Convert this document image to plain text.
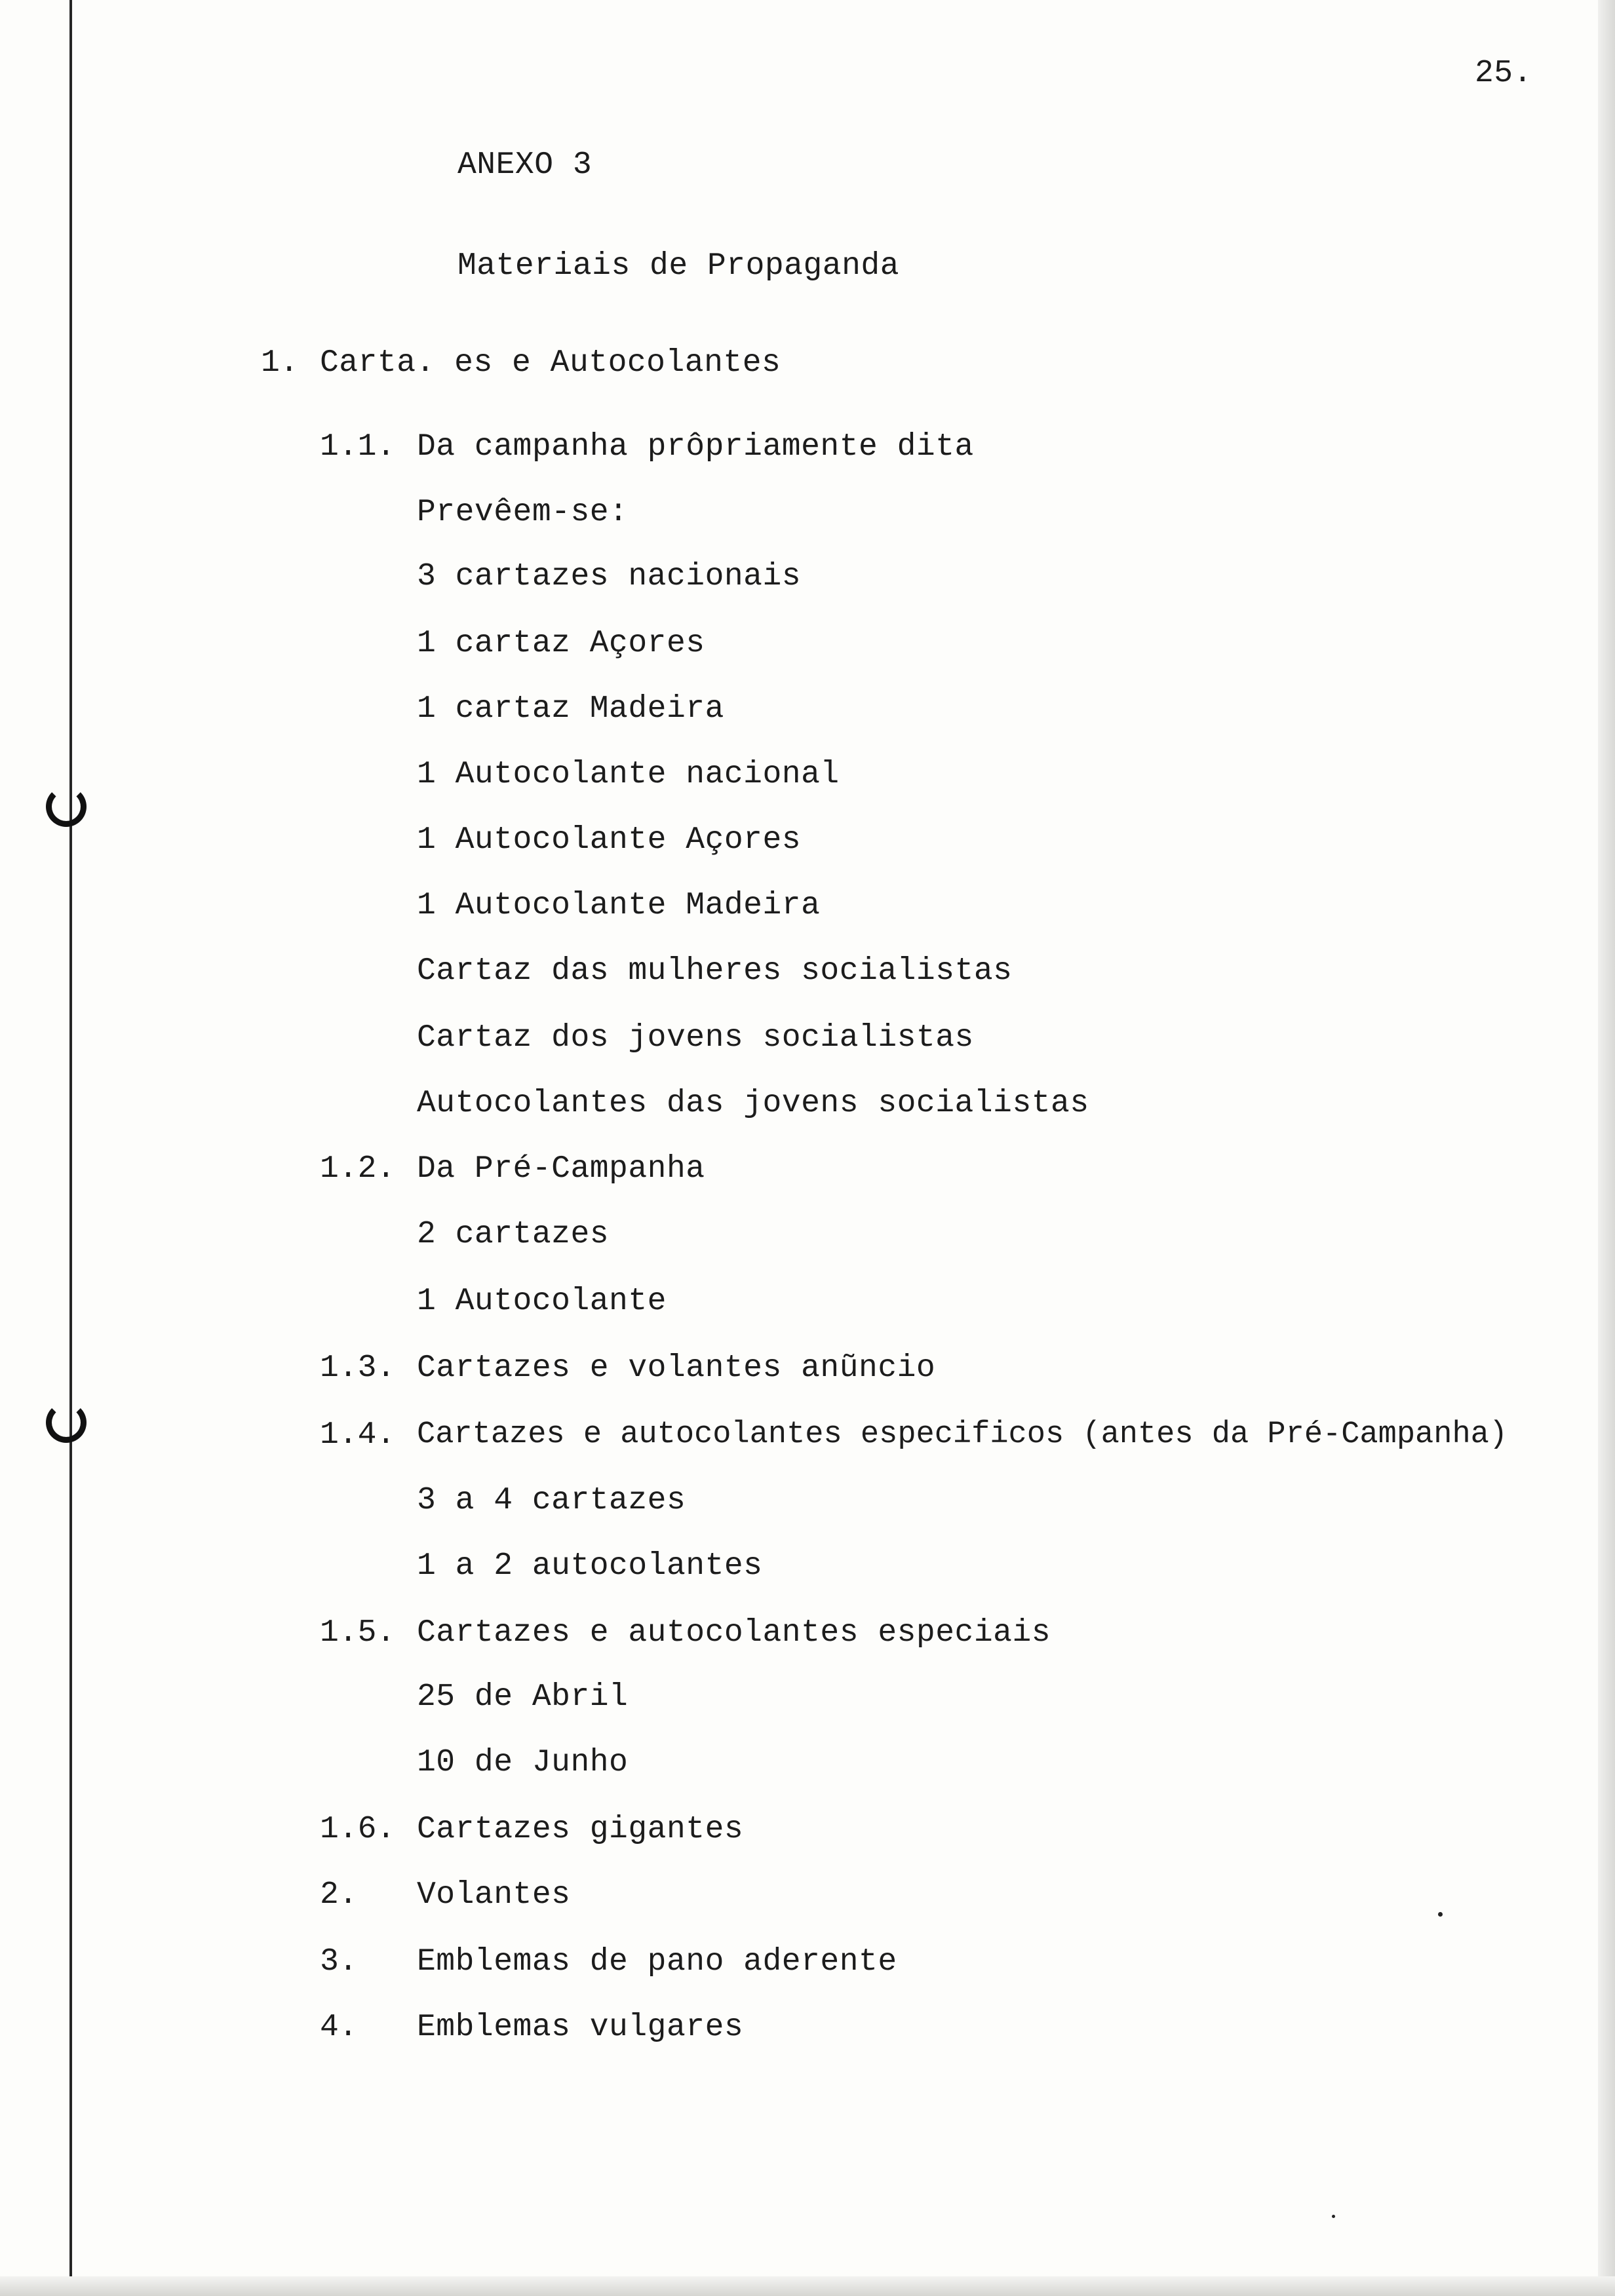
25.
ANEXO 3
Materiais de Propaganda
1. Carta. es e Autocolantes
1.1. Da campanha prôpriamente dita
Prevêem-se:
3 cartazes nacionais
1 cartaz Açores
1 cartaz Madeira
1 Autocolante nacional
1 Autocolante Açores
1 Autocolante Madeira
Cartaz das mulheres socialistas
Cartaz dos jovens socialistas
Autocolantes das jovens socialistas
1.2. Da Pré-Campanha
2 cartazes
1 Autocolante
1.3. Cartazes e volantes anũncio
1.4. Cartazes e autocolantes especificos (antes da Pré-Campanha)
3 a 4 cartazes
1 a 2 autocolantes
1.5. Cartazes e autocolantes especiais
25 de Abril
10 de Junho
1.6. Cartazes gigantes
2. Volantes
3. Emblemas de pano aderente
4. Emblemas vulgares
